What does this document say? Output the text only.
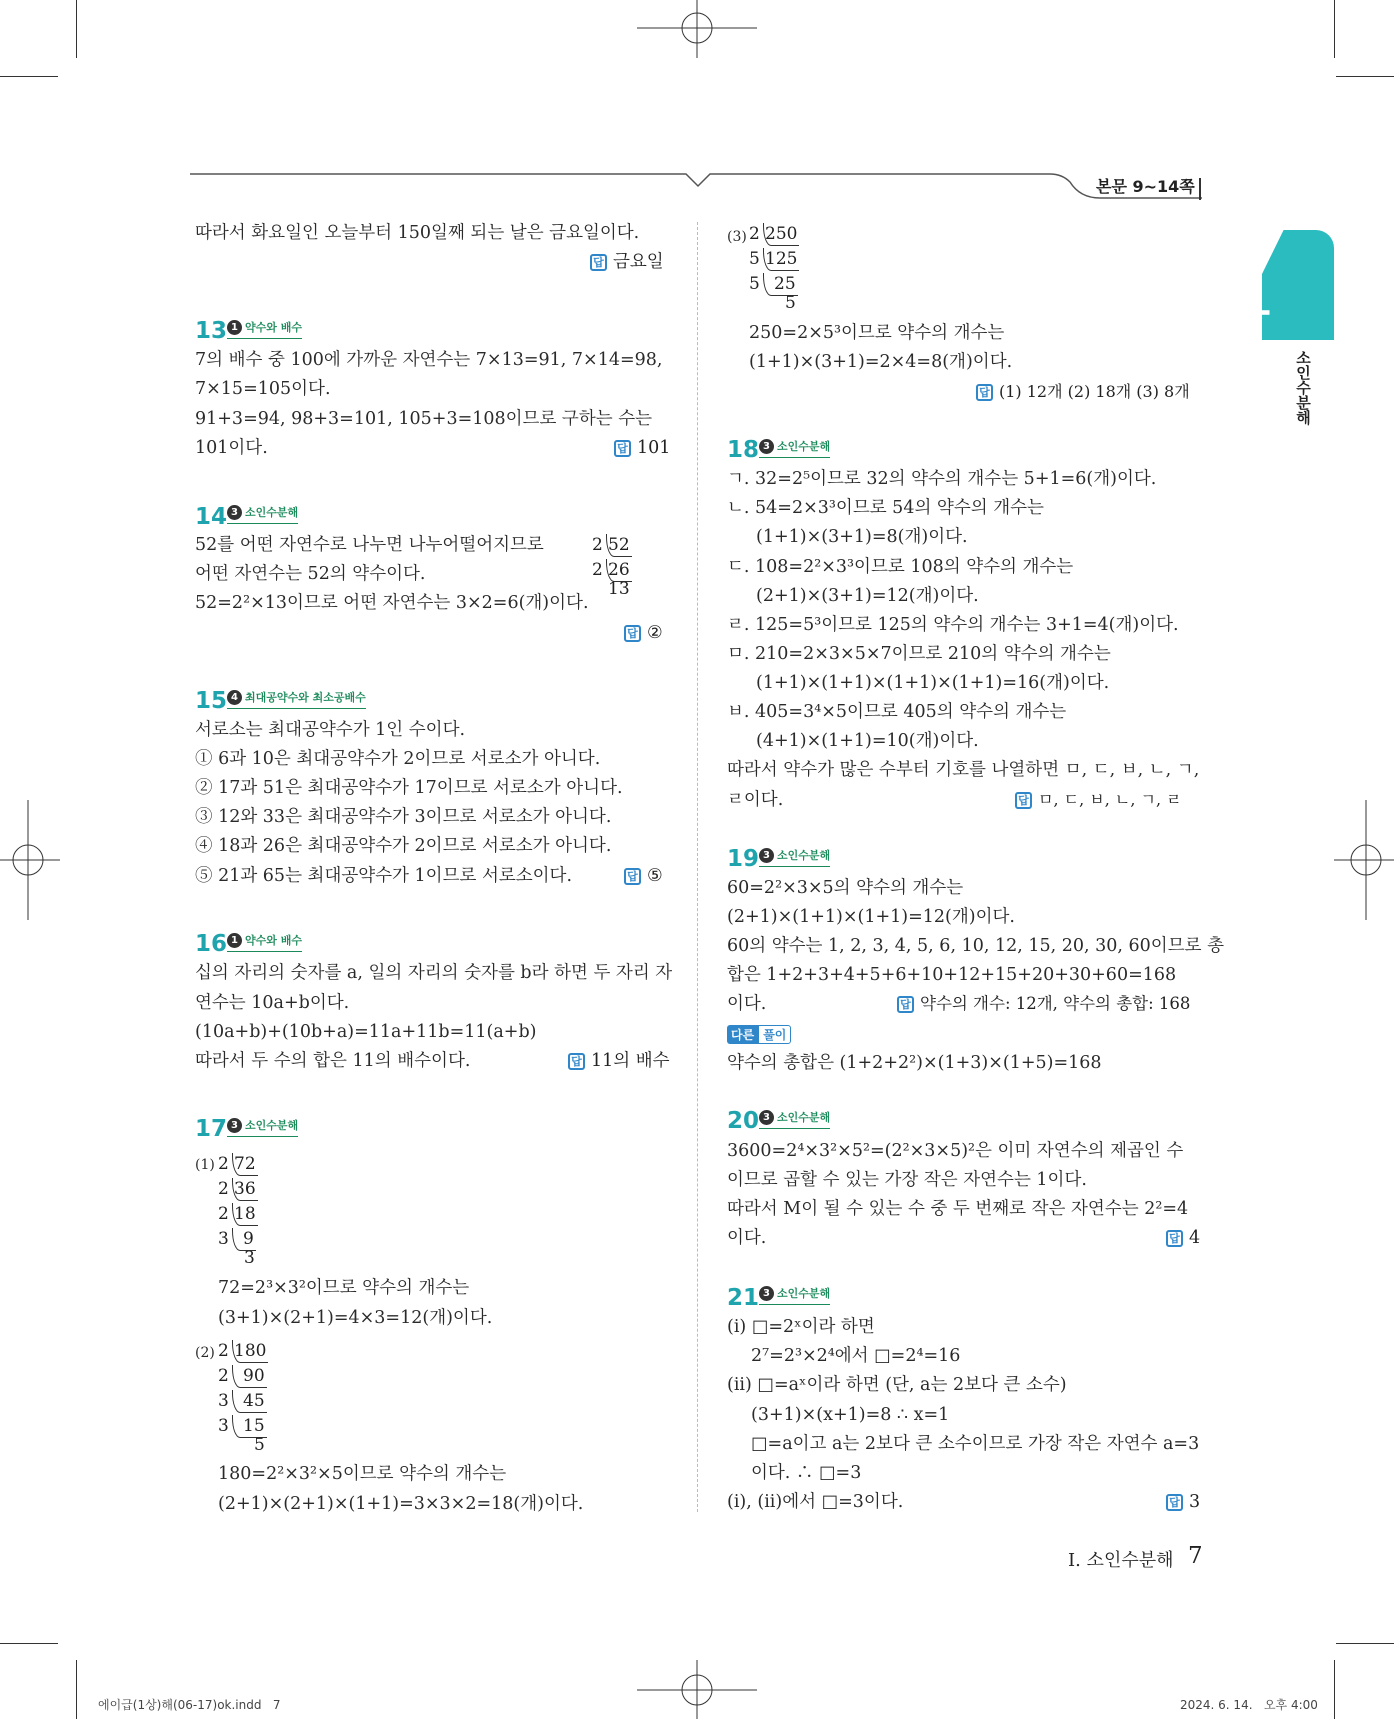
본문 9~14쪽
I
소인수분해
따라서 화요일인 오늘부터 150일째 되는 날은 금요일이다.
답 금요일
13 1 약수와 배수
7의 배수 중 100에 가까운 자연수는 7×13=91, 7×14=98,
7×15=105이다.
91+3=94, 98+3=101, 105+3=108이므로 구하는 수는
101이다.	답 101
14 3 소인수분해
52를 어떤 자연수로 나누면 나누어떨어지므로
어떤 자연수는 52의 약수이다.
52=2²×13이므로 어떤 자연수는 3×2=6(개)이다.
2 52
2 26
13
답 ②
15 4 최대공약수와 최소공배수
서로소는 최대공약수가 1인 수이다.
① 6과 10은 최대공약수가 2이므로 서로소가 아니다.
② 17과 51은 최대공약수가 17이므로 서로소가 아니다.
③ 12와 33은 최대공약수가 3이므로 서로소가 아니다.
④ 18과 26은 최대공약수가 2이므로 서로소가 아니다.
⑤ 21과 65는 최대공약수가 1이므로 서로소이다.	답 ⑤
16 1 약수와 배수
십의 자리의 숫자를 a, 일의 자리의 숫자를 b라 하면 두 자리 자
연수는 10a+b이다.
(10a+b)+(10b+a)=11a+11b=11(a+b)
따라서 두 수의 합은 11의 배수이다.	답 11의 배수
17 3 소인수분해
(1) 2 72
2 36
2 18
3 9
3
72=2³×3²이므로 약수의 개수는
(3+1)×(2+1)=4×3=12(개)이다.
(2) 2 180
2 90
3 45
3 15
5
180=2²×3²×5이므로 약수의 개수는
(2+1)×(2+1)×(1+1)=3×3×2=18(개)이다.
(3) 2 250
5 125
5 25
5
250=2×5³이므로 약수의 개수는
(1+1)×(3+1)=2×4=8(개)이다.
답 (1) 12개 (2) 18개 (3) 8개
18 3 소인수분해
ㄱ. 32=2⁵이므로 32의 약수의 개수는 5+1=6(개)이다.
ㄴ. 54=2×3³이므로 54의 약수의 개수는
(1+1)×(3+1)=8(개)이다.
ㄷ. 108=2²×3³이므로 108의 약수의 개수는
(2+1)×(3+1)=12(개)이다.
ㄹ. 125=5³이므로 125의 약수의 개수는 3+1=4(개)이다.
ㅁ. 210=2×3×5×7이므로 210의 약수의 개수는
(1+1)×(1+1)×(1+1)×(1+1)=16(개)이다.
ㅂ. 405=3⁴×5이므로 405의 약수의 개수는
(4+1)×(1+1)=10(개)이다.
따라서 약수가 많은 수부터 기호를 나열하면 ㅁ, ㄷ, ㅂ, ㄴ, ㄱ,
ㄹ이다.	답 ㅁ, ㄷ, ㅂ, ㄴ, ㄱ, ㄹ
19 3 소인수분해
60=2²×3×5의 약수의 개수는
(2+1)×(1+1)×(1+1)=12(개)이다.
60의 약수는 1, 2, 3, 4, 5, 6, 10, 12, 15, 20, 30, 60이므로 총
합은 1+2+3+4+5+6+10+12+15+20+30+60=168
이다.	답 약수의 개수: 12개, 약수의 총합: 168
다른 풀이
약수의 총합은 (1+2+2²)×(1+3)×(1+5)=168
20 3 소인수분해
3600=2⁴×3²×5²=(2²×3×5)²은 이미 자연수의 제곱인 수
이므로 곱할 수 있는 가장 작은 자연수는 1이다.
따라서 M이 될 수 있는 수 중 두 번째로 작은 자연수는 2²=4
이다.	답 4
21 3 소인수분해
(i) □=2ˣ이라 하면
2⁷=2³×2⁴에서 □=2⁴=16
(ii) □=aˣ이라 하면 (단, a는 2보다 큰 소수)
(3+1)×(x+1)=8 ∴ x=1
□=a이고 a는 2보다 큰 소수이므로 가장 작은 자연수 a=3
이다. ∴ □=3
(i), (ii)에서 □=3이다.	답 3
I. 소인수분해 7
에이급(1상)해(06-17)ok.indd   7	2024. 6. 14.   오후 4:00
